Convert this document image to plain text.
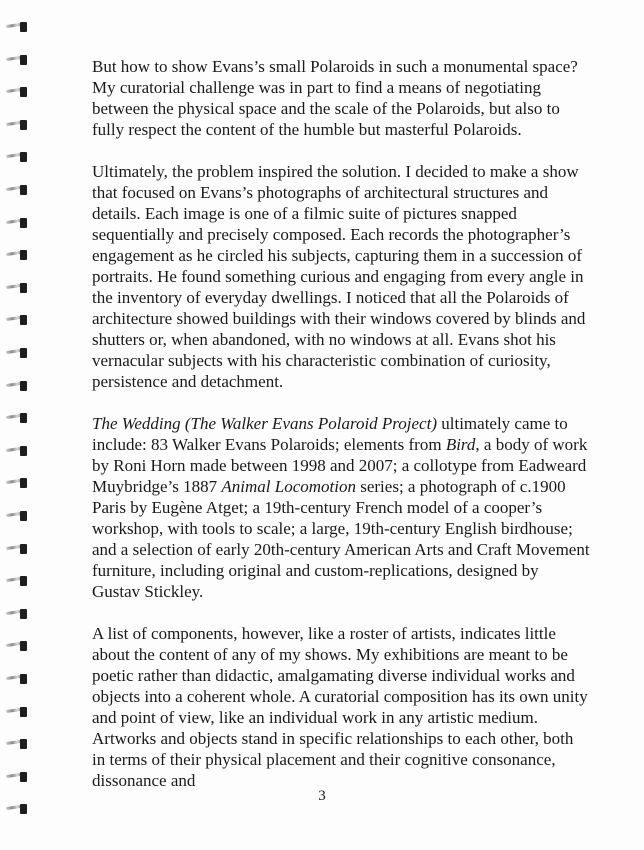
But how to show Evans’s small Polaroids in such a monumental space? My curatorial challenge was in part to find a means of negotiating between the physical space and the scale of the Polaroids, but also to fully respect the content of the humble but masterful Polaroids.

Ultimately, the problem inspired the solution. I decided to make a show that focused on Evans’s photographs of architectural structures and details. Each image is one of a filmic suite of pictures snapped sequentially and precisely composed. Each records the photographer’s engagement as he circled his subjects, capturing them in a succession of portraits. He found something curious and engaging from every angle in the inventory of everyday dwellings. I noticed that all the Polaroids of architecture showed buildings with their windows covered by blinds and shutters or, when abandoned, with no windows at all. Evans shot his vernacular subjects with his characteristic combination of curiosity, persistence and detachment.

The Wedding (The Walker Evans Polaroid Project) ultimately came to include: 83 Walker Evans Polaroids; elements from Bird, a body of work by Roni Horn made between 1998 and 2007; a collotype from Eadweard Muybridge’s 1887 Animal Locomotion series; a photograph of c.1900 Paris by Eugène Atget; a 19th-century French model of a cooper’s workshop, with tools to scale; a large, 19th-century English birdhouse; and a selection of early 20th-century American Arts and Craft Movement furniture, including original and custom-replications, designed by Gustav Stickley.

A list of components, however, like a roster of artists, indicates little about the content of any of my shows. My exhibitions are meant to be poetic rather than didactic, amalgamating diverse individual works and objects into a coherent whole. A curatorial composition has its own unity and point of view, like an individual work in any artistic medium. Artworks and objects stand in specific relationships to each other, both in terms of their physical placement and their cognitive consonance, dissonance and

3
